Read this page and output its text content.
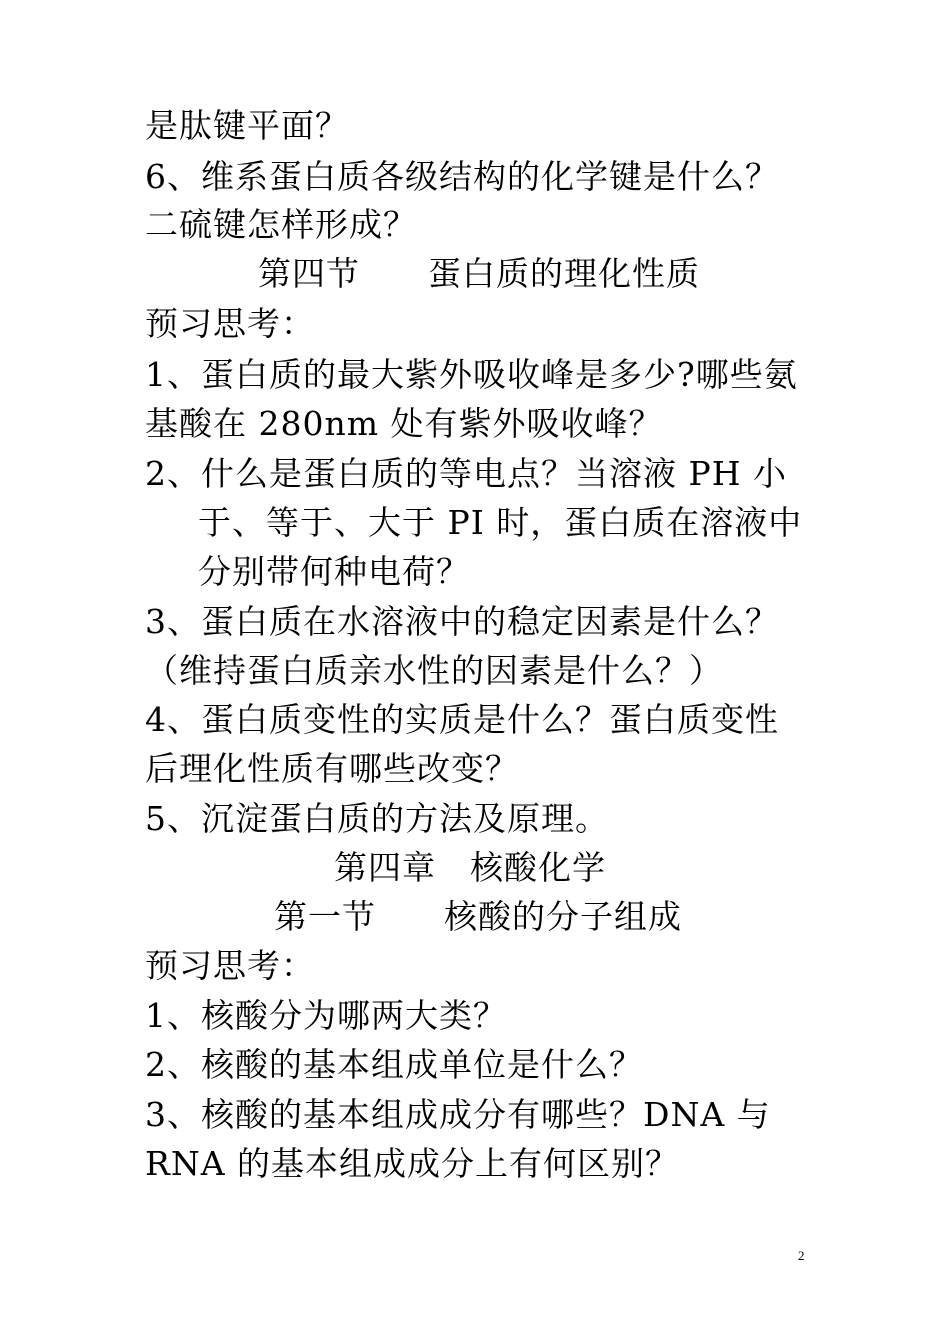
是肽键平面？
6、维系蛋白质各级结构的化学键是什么？
二硫键怎样形成？
第四节　　蛋白质的理化性质
预习思考：
1、蛋白质的最大紫外吸收峰是多少?哪些氨
基酸在 280nm 处有紫外吸收峰？
2、什么是蛋白质的等电点？当溶液 PH 小
于、等于、大于 PI 时，蛋白质在溶液中
分别带何种电荷？
3、蛋白质在水溶液中的稳定因素是什么？
（维持蛋白质亲水性的因素是什么？）
4、蛋白质变性的实质是什么？蛋白质变性
后理化性质有哪些改变？
5、沉淀蛋白质的方法及原理。
第四章　核酸化学
第一节　　核酸的分子组成
预习思考：
1、核酸分为哪两大类？
2、核酸的基本组成单位是什么？
3、核酸的基本组成成分有哪些？DNA 与
RNA 的基本组成成分上有何区别？
2
